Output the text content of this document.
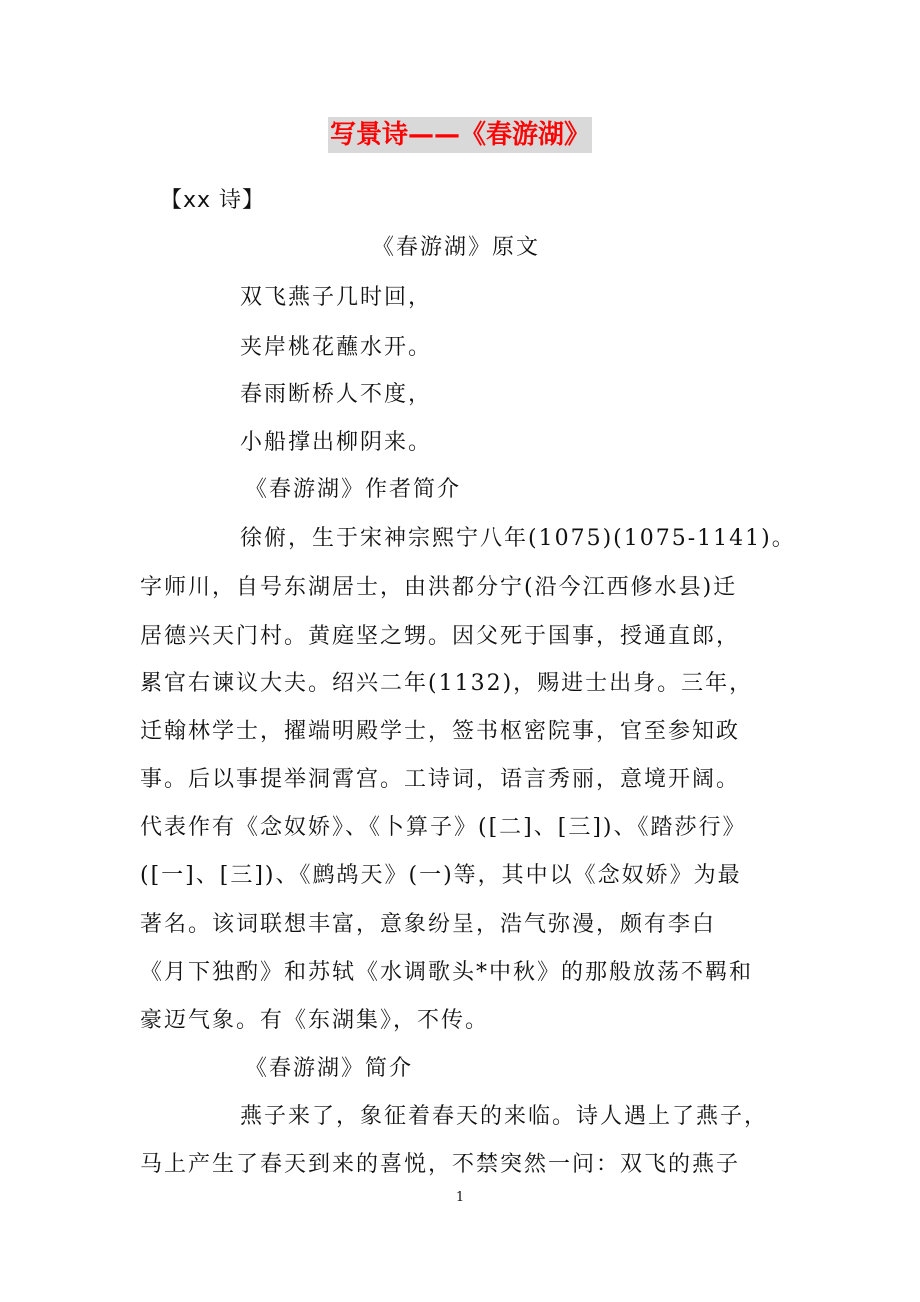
写景诗——《春游湖》
【xx 诗】
《春游湖》原文
双飞燕子几时回，
夹岸桃花蘸水开。
春雨断桥人不度，
小船撑出柳阴来。
《春游湖》作者简介
徐俯，生于宋神宗熙宁八年(1075)(1075-1141)。
字师川，自号东湖居士，由洪都分宁(沿今江西修水县)迁
居德兴天门村。黄庭坚之甥。因父死于国事，授通直郎，
累官右谏议大夫。绍兴二年(1132)，赐进士出身。三年，
迁翰林学士，擢端明殿学士，签书枢密院事，官至参知政
事。后以事提举洞霄宫。工诗词，语言秀丽，意境开阔。
代表作有《念奴娇》、《卜算子》([二]、[三])、《踏莎行》
([一]、[三])、《鹧鸪天》(一)等，其中以《念奴娇》为最
著名。该词联想丰富，意象纷呈，浩气弥漫，颇有李白
《月下独酌》和苏轼《水调歌头*中秋》的那般放荡不羁和
豪迈气象。有《东湖集》，不传。
《春游湖》简介
燕子来了，象征着春天的来临。诗人遇上了燕子，
马上产生了春天到来的喜悦，不禁突然一问：双飞的燕子
1
